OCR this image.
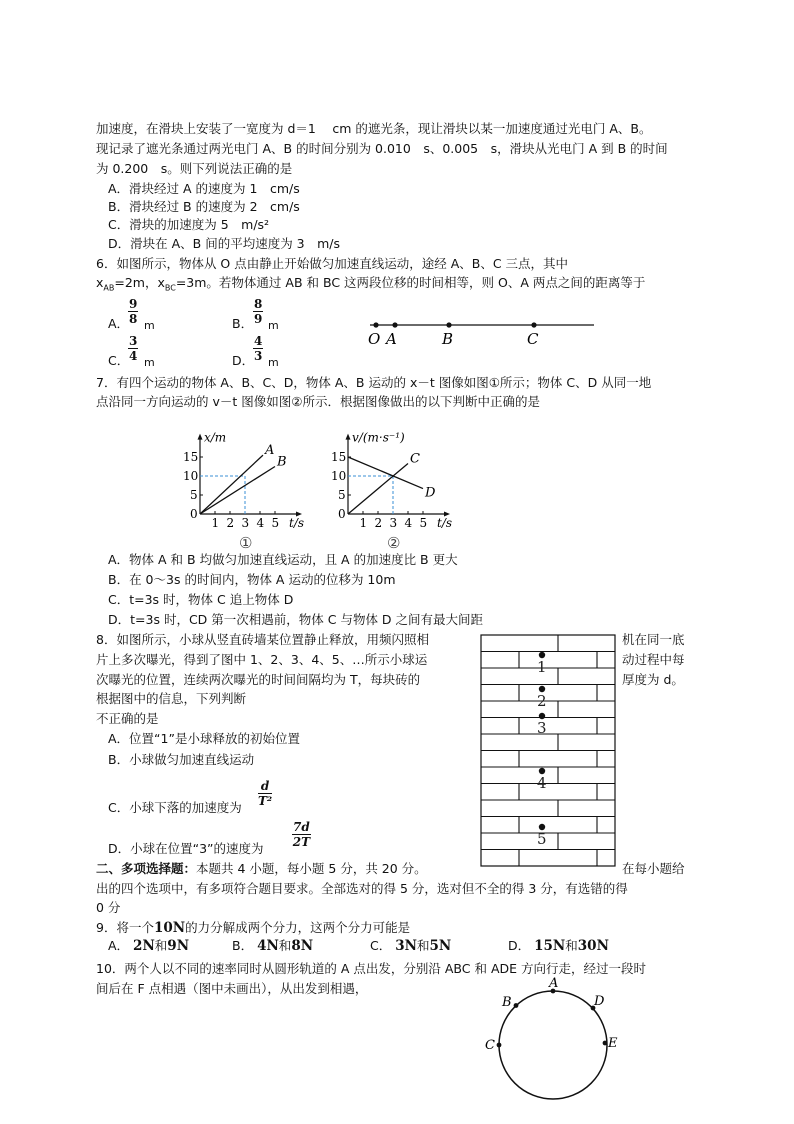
加速度，在滑块上安装了一宽度为 d＝1　 cm 的遮光条，现让滑块以某一加速度通过光电门 A、B。
现记录了遮光条通过两光电门 A、B 的时间分别为 0.010　s、0.005　s，滑块从光电门 A 到 B 的时间
为 0.200　s。则下列说法正确的是
A．滑块经过 A 的速度为 1　cm/s
B．滑块经过 B 的速度为 2　cm/s
C．滑块的加速度为 5　m/s²
D．滑块在 A、B 间的平均速度为 3　m/s
6．如图所示，物体从 O 点由静止开始做匀加速直线运动，途经 A、B、C 三点，其中
$x_{AB}=2m$，$x_{BC}=3m$。若物体通过 AB 和 BC 这两段位移的时间相等，则 O、A 两点之间的距离等于
A．
$\frac{9}{8}$ m	B． $\frac{8}{9}$ m
C．
$\frac{3}{4}$ m	D．
$\frac{4}{3}$ m
O A	B	C
7．有四个运动的物体 A、B、C、D，物体 A、B 运动的 x－t 图像如图①所示；物体 C、D 从同一地
点沿同一方向运动的 v－t 图像如图②所示．根据图像做出的以下判断中正确的是
1 2 3 4 5
5
10
15
0
A
B
t/s
x/m
①
1 2 3 4 5
5
10
15
0
C
D
t/s
v/(m·s⁻¹)
②
A．物体 A 和 B 均做匀加速直线运动，且 A 的加速度比 B 更大
B．在 0～3s 的时间内，物体 A 运动的位移为 10m
C．t=3s 时，物体 C 追上物体 D
D．t=3s 时，CD 第一次相遇前，物体 C 与物体 D 之间有最大间距
8．如图所示，小球从竖直砖墙某位置静止释放，用频闪照相	机在同一底
片上多次曝光，得到了图中 1、2、3、4、5、…所示小球运	动过程中每
次曝光的位置，连续两次曝光的时间间隔均为 T，每块砖的	厚度为 d。
根据图中的信息，下列判断
不正确的是
A．位置“1”是小球释放的初始位置
B．小球做匀加速直线运动
C．小球下落的加速度为 $\frac{d}{\text{T²}}$
D．小球在位置“3”的速度为 $\frac{7d}{2T}$
1
2
3
4
5
二、多项选择题：本题共 4 小题，每小题 5 分，共 20 分。	在每小题给
出的四个选项中，有多项符合题目要求。全部选对的得 5 分，选对但不全的得 3 分，有选错的得
0 分
9．将一个10N的力分解成两个分力，这两个分力可能是
A． 2N和9N	B． 4N和8N	C． 3N和5N	D． 15N和30N
10．两个人以不同的速率同时从圆形轨道的 A 点出发，分别沿 ABC 和 ADE 方向行走，经过一段时
间后在 F 点相遇（图中未画出），从出发到相遇，	A
B
C
D
E
